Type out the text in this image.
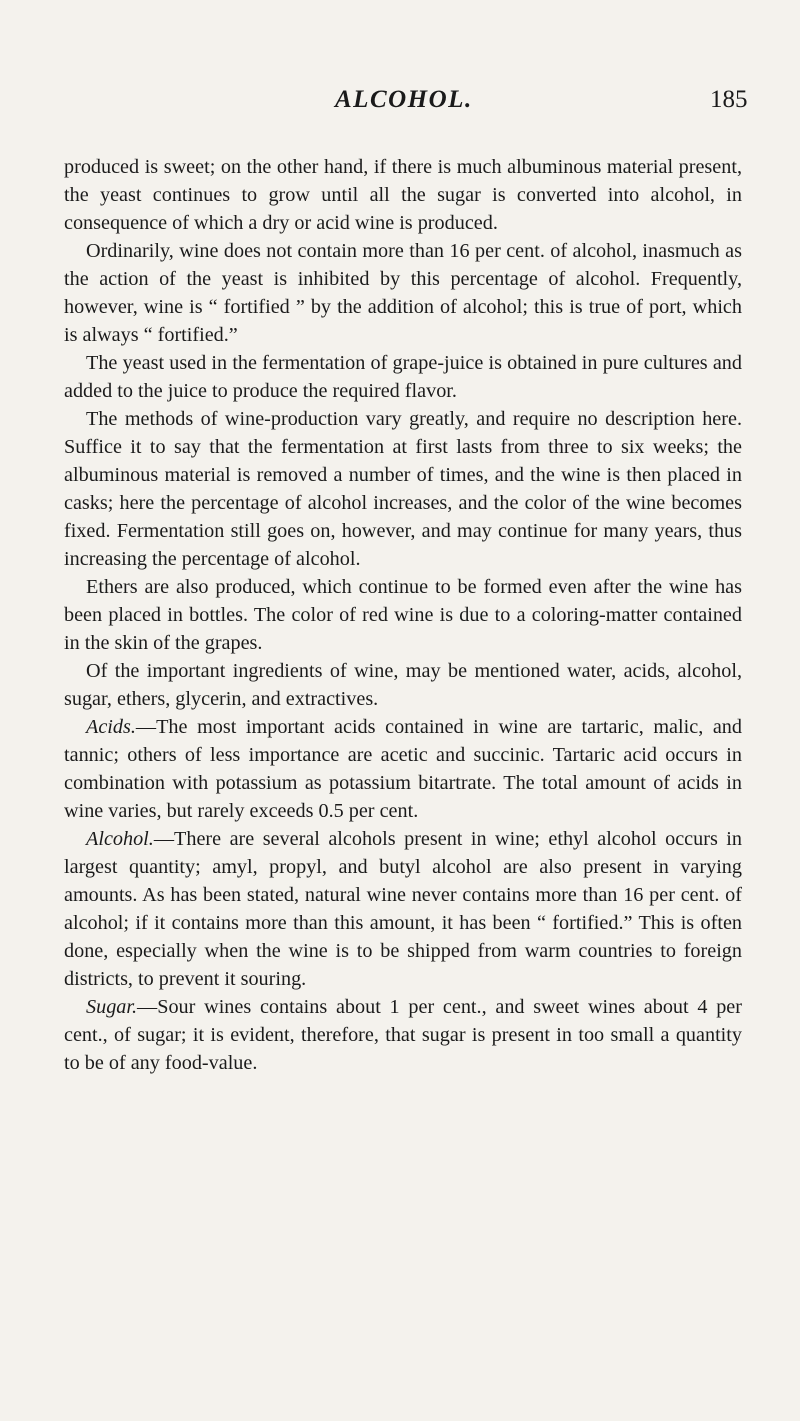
ALCOHOL.	185

produced is sweet; on the other hand, if there is much albuminous material present, the yeast continues to grow until all the sugar is converted into alcohol, in consequence of which a dry or acid wine is produced.

Ordinarily, wine does not contain more than 16 per cent. of alcohol, inasmuch as the action of the yeast is inhibited by this percentage of alcohol. Frequently, however, wine is “ fortified ” by the addition of alcohol; this is true of port, which is always “ fortified.”

The yeast used in the fermentation of grape-juice is obtained in pure cultures and added to the juice to produce the required flavor.

The methods of wine-production vary greatly, and require no description here. Suffice it to say that the fermentation at first lasts from three to six weeks; the albuminous material is removed a number of times, and the wine is then placed in casks; here the percentage of alcohol increases, and the color of the wine becomes fixed. Fermentation still goes on, however, and may continue for many years, thus increasing the percentage of alcohol.

Ethers are also produced, which continue to be formed even after the wine has been placed in bottles. The color of red wine is due to a coloring-matter contained in the skin of the grapes.

Of the important ingredients of wine, may be mentioned water, acids, alcohol, sugar, ethers, glycerin, and extractives.

Acids.—The most important acids contained in wine are tartaric, malic, and tannic; others of less importance are acetic and succinic. Tartaric acid occurs in combination with potassium as potassium bitartrate. The total amount of acids in wine varies, but rarely exceeds 0.5 per cent.

Alcohol.—There are several alcohols present in wine; ethyl alcohol occurs in largest quantity; amyl, propyl, and butyl alcohol are also present in varying amounts. As has been stated, natural wine never contains more than 16 per cent. of alcohol; if it contains more than this amount, it has been “ fortified.” This is often done, especially when the wine is to be shipped from warm countries to foreign districts, to prevent it souring.

Sugar.—Sour wines contains about 1 per cent., and sweet wines about 4 per cent., of sugar; it is evident, therefore, that sugar is present in too small a quantity to be of any food-value.
